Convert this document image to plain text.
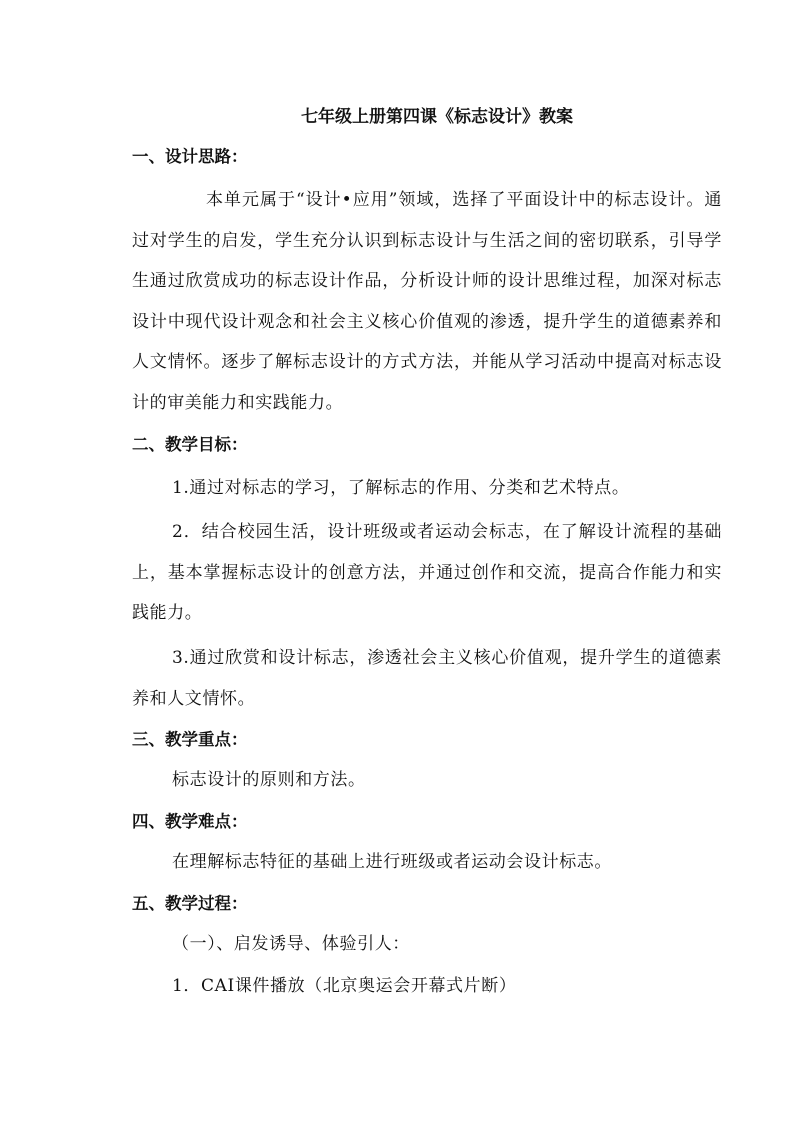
七年级上册第四课《标志设计》教案
一、设计思路：

本单元属于“设计•应用”领域，选择了平面设计中的标志设计。通过对学生的启发，学生充分认识到标志设计与生活之间的密切联系，引导学生通过欣赏成功的标志设计作品，分析设计师的设计思维过程，加深对标志设计中现代设计观念和社会主义核心价值观的渗透，提升学生的道德素养和人文情怀。逐步了解标志设计的方式方法，并能从学习活动中提高对标志设计的审美能力和实践能力。

二、教学目标：

1.通过对标志的学习，了解标志的作用、分类和艺术特点。

2．结合校园生活，设计班级或者运动会标志，在了解设计流程的基础上，基本掌握标志设计的创意方法，并通过创作和交流，提高合作能力和实践能力。

3.通过欣赏和设计标志，渗透社会主义核心价值观，提升学生的道德素养和人文情怀。

三、教学重点：
标志设计的原则和方法。
四、教学难点：
在理解标志特征的基础上进行班级或者运动会设计标志。
五、教学过程：
（一）、启发诱导、体验引人：
1．CAI课件播放（北京奥运会开幕式片断）
